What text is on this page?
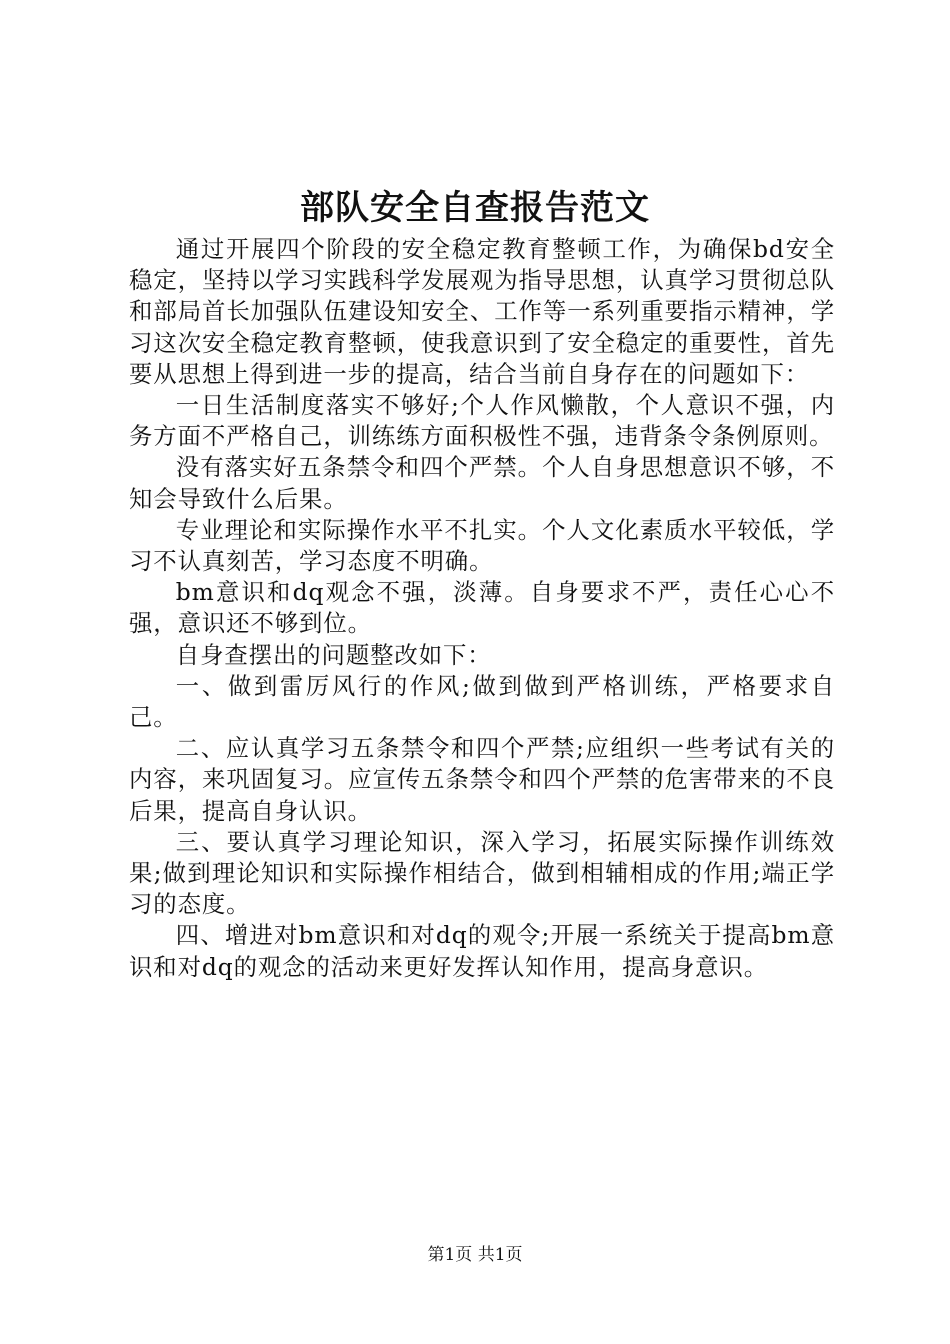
部队安全自查报告范文

通过开展四个阶段的安全稳定教育整顿工作，为确保bd安全稳定，坚持以学习实践科学发展观为指导思想，认真学习贯彻总队和部局首长加强队伍建设知安全、工作等一系列重要指示精神，学习这次安全稳定教育整顿，使我意识到了安全稳定的重要性，首先要从思想上得到进一步的提高，结合当前自身存在的问题如下：

一日生活制度落实不够好;个人作风懒散，个人意识不强，内务方面不严格自己，训练练方面积极性不强，违背条令条例原则。

没有落实好五条禁令和四个严禁。个人自身思想意识不够，不知会导致什么后果。

专业理论和实际操作水平不扎实。个人文化素质水平较低，学习不认真刻苦，学习态度不明确。

bm意识和dq观念不强，淡薄。自身要求不严，责任心心不强，意识还不够到位。

自身查摆出的问题整改如下：

一、做到雷厉风行的作风;做到做到严格训练，严格要求自己。

二、应认真学习五条禁令和四个严禁;应组织一些考试有关的内容，来巩固复习。应宣传五条禁令和四个严禁的危害带来的不良后果，提高自身认识。

三、要认真学习理论知识，深入学习，拓展实际操作训练效果;做到理论知识和实际操作相结合，做到相辅相成的作用;端正学习的态度。

四、增进对bm意识和对dq的观令;开展一系统关于提高bm意识和对dq的观念的活动来更好发挥认知作用，提高身意识。

第1页 共1页
